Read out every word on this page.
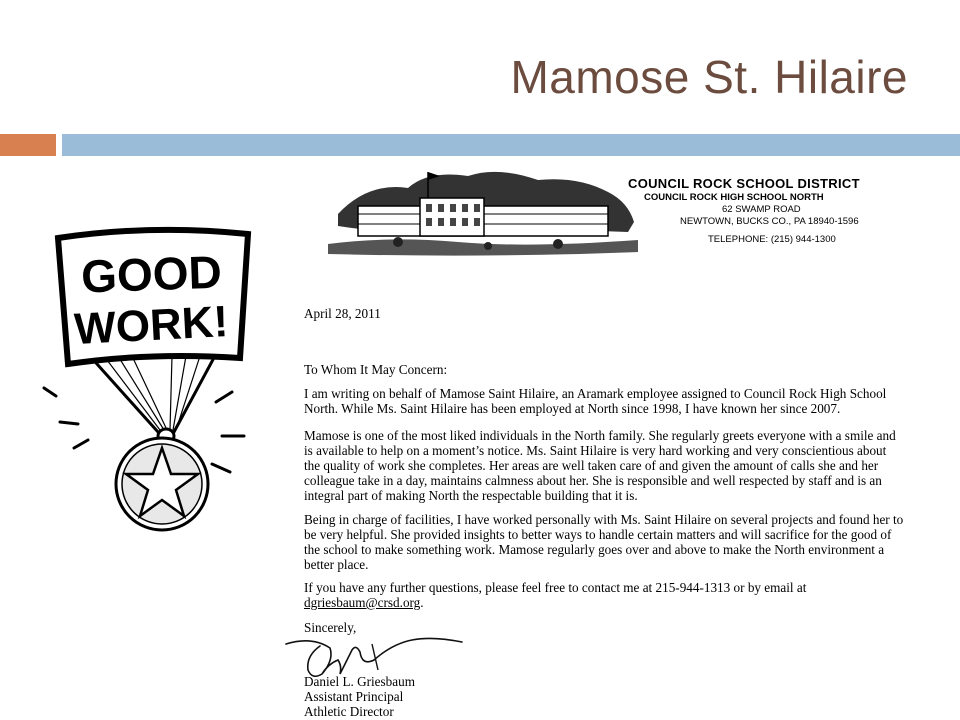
Mamose St. Hilaire
GOOD
WORK!
COUNCIL ROCK SCHOOL DISTRICT
COUNCIL ROCK HIGH SCHOOL NORTH
62 SWAMP ROAD
NEWTOWN, BUCKS CO., PA 18940-1596
TELEPHONE: (215) 944-1300
April 28, 2011
To Whom It May Concern:
I am writing on behalf of Mamose Saint Hilaire, an Aramark employee assigned to Council Rock High School
North. While Ms. Saint Hilaire has been employed at North since 1998, I have known her since 2007.
Mamose is one of the most liked individuals in the North family. She regularly greets everyone with a smile and
is available to help on a moment’s notice. Ms. Saint Hilaire is very hard working and very conscientious about
the quality of work she completes. Her areas are well taken care of and given the amount of calls she and her
colleague take in a day, maintains calmness about her. She is responsible and well respected by staff and is an
integral part of making North the respectable building that it is.
Being in charge of facilities, I have worked personally with Ms. Saint Hilaire on several projects and found her to
be very helpful. She provided insights to better ways to handle certain matters and will sacrifice for the good of
the school to make something work. Mamose regularly goes over and above to make the North environment a
better place.
If you have any further questions, please feel free to contact me at 215-944-1313 or by email at
dgriesbaum@crsd.org.
Sincerely,
Daniel L. Griesbaum
Assistant Principal
Athletic Director
